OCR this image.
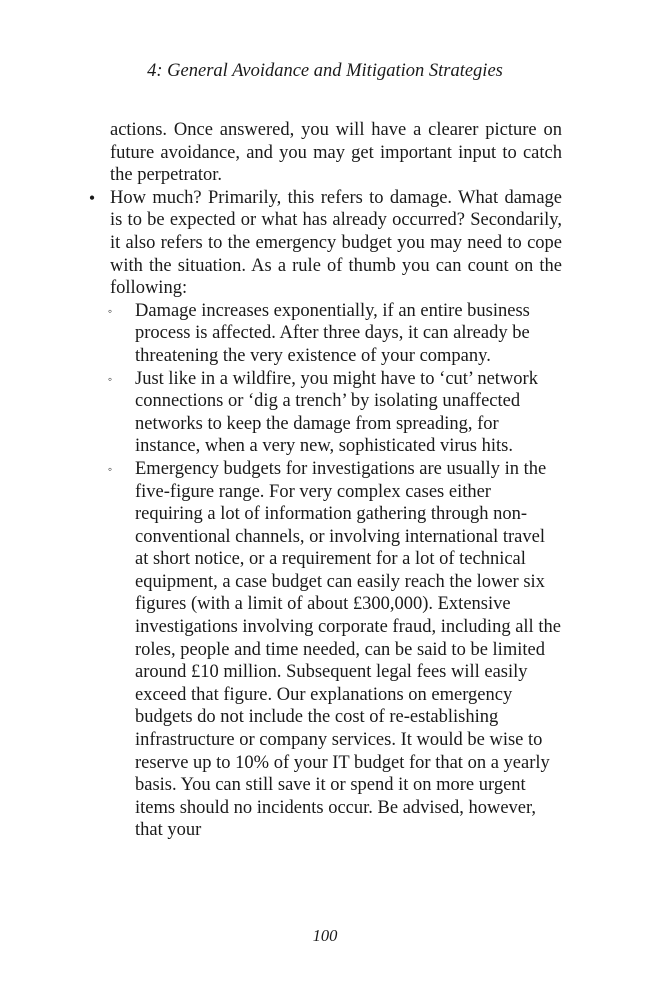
4: General Avoidance and Mitigation Strategies

actions. Once answered, you will have a clearer picture on future avoidance, and you may get important input to catch the perpetrator.

• How much? Primarily, this refers to damage. What damage is to be expected or what has already occurred? Secondarily, it also refers to the emergency budget you may need to cope with the situation. As a rule of thumb you can count on the following:
◦ Damage increases exponentially, if an entire business process is affected. After three days, it can already be threatening the very existence of your company.
◦ Just like in a wildfire, you might have to ‘cut’ network connections or ‘dig a trench’ by isolating unaffected networks to keep the damage from spreading, for instance, when a very new, sophisticated virus hits.
◦ Emergency budgets for investigations are usually in the five-figure range. For very complex cases either requiring a lot of information gathering through non-conventional channels, or involving international travel at short notice, or a requirement for a lot of technical equipment, a case budget can easily reach the lower six figures (with a limit of about £300,000). Extensive investigations involving corporate fraud, including all the roles, people and time needed, can be said to be limited around £10 million. Subsequent legal fees will easily exceed that figure. Our explanations on emergency budgets do not include the cost of re-establishing infrastructure or company services. It would be wise to reserve up to 10% of your IT budget for that on a yearly basis. You can still save it or spend it on more urgent items should no incidents occur. Be advised, however, that your
100
